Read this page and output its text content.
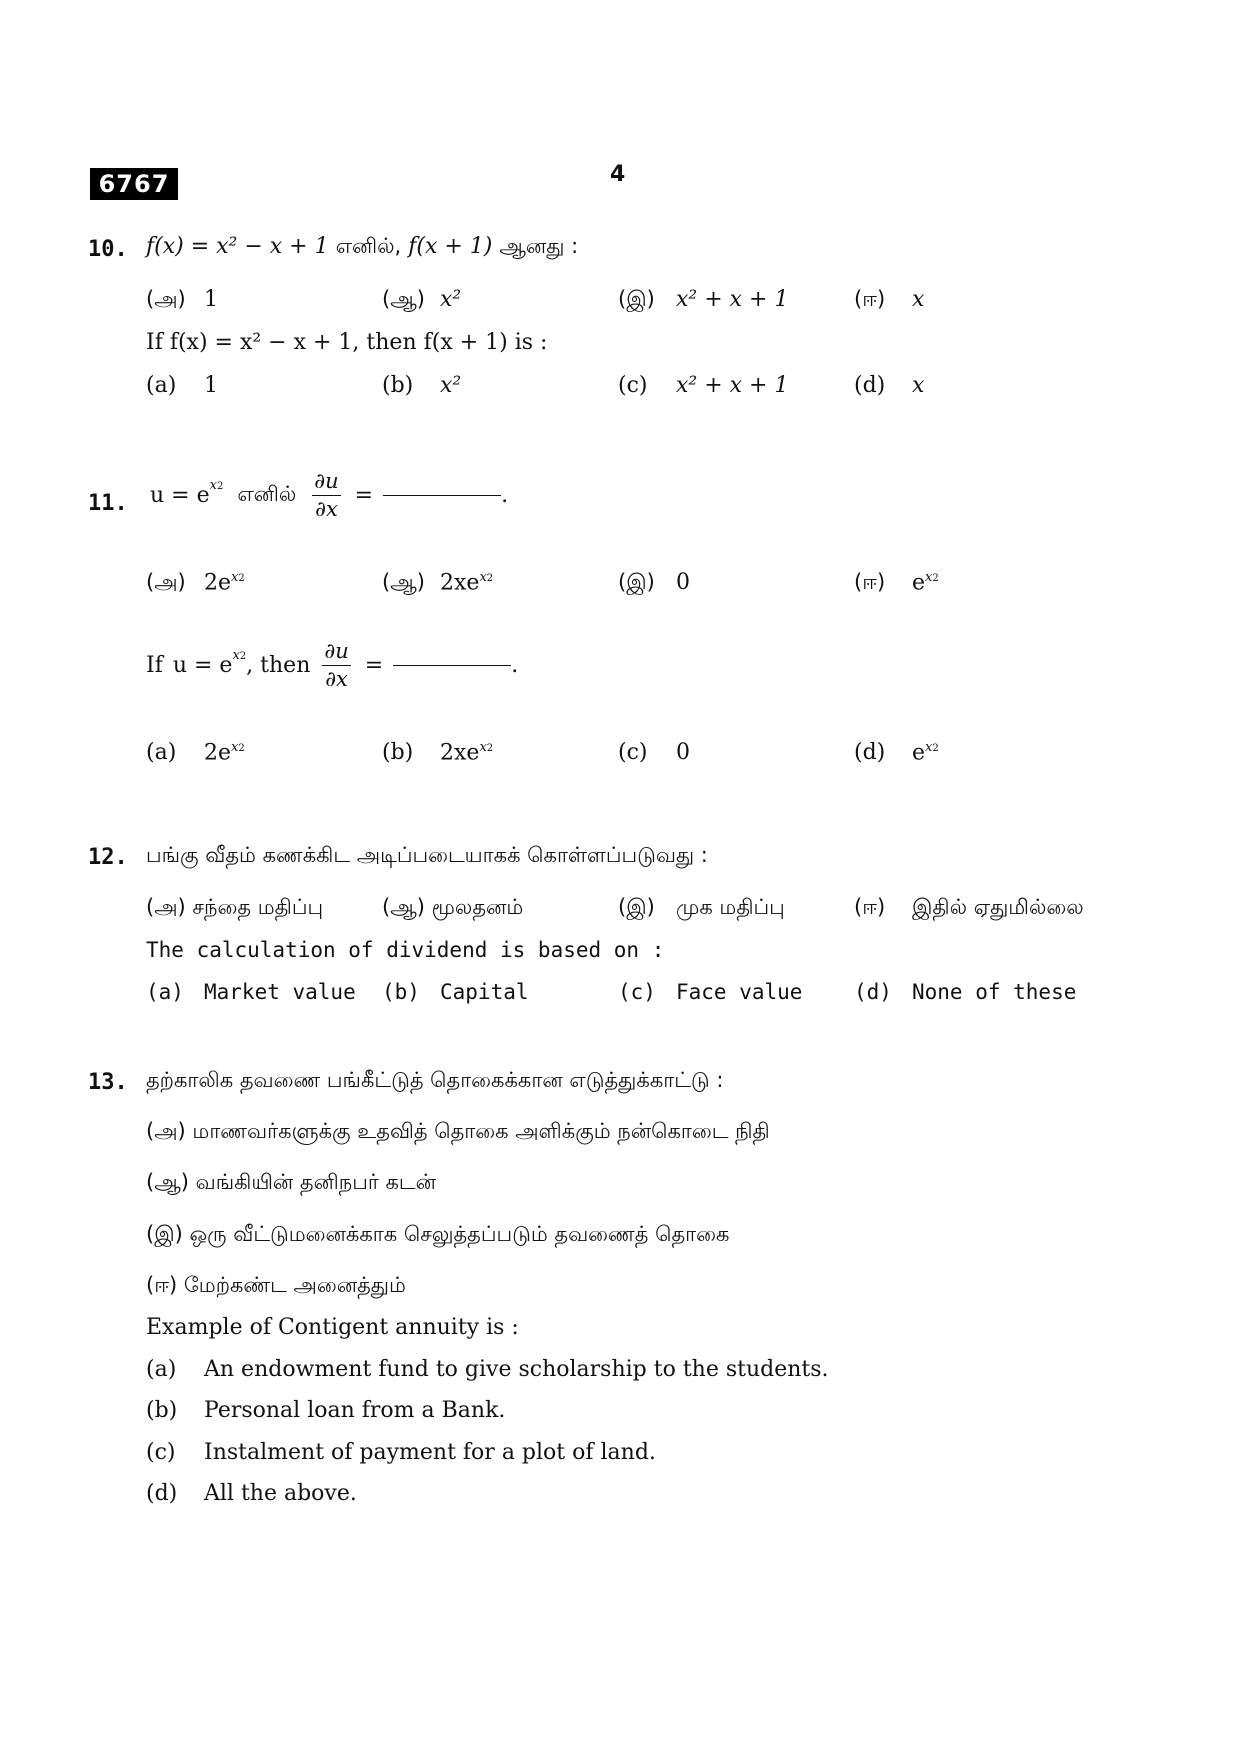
6767	4
10. f(x) = x² − x + 1 எனில், f(x + 1) ஆனது :
(அ) 1	(ஆ) x²	(இ) x² + x + 1	(ஈ) x
If f(x) = x² − x + 1, then f(x + 1) is :
(a) 1	(b) x²	(c) x² + x + 1	(d) x
11. u = e $^{x2}$ எனில் $\frac{\partial u}{\partial x}$ =	.
(அ) $2e^{x2}$	(ஆ) $2xe^{x2}$	(இ) 0	(ஈ) $e^{x2}$
If u = e $^{x2}$ , then $\frac{\partial u}{\partial x}$ =	.
(a) $2e^{x2}$	(b) $2xe^{x2}$	(c) 0	(d) $e^{x2}$
12. பங்கு வீதம் கணக்கிட அடிப்படையாகக் கொள்ளப்படுவது :
(அ) சந்தை மதிப்பு	(ஆ) மூலதனம்	(இ) முக மதிப்பு	(ஈ) இதில் ஏதுமில்லை
The calculation of dividend is based on :
(a) Market value (b) Capital	(c) Face value (d) None of these
13. தற்காலிக தவணை பங்கீட்டுத் தொகைக்கான எடுத்துக்காட்டு :
(அ) மாணவர்களுக்கு உதவித் தொகை அளிக்கும் நன்கொடை நிதி
(ஆ) வங்கியின் தனிநபர் கடன்
(இ) ஒரு வீட்டுமனைக்காக செலுத்தப்படும் தவணைத் தொகை
(ஈ) மேற்கண்ட அனைத்தும்
Example of Contigent annuity is :
(a) An endowment fund to give scholarship to the students.
(b) Personal loan from a Bank.
(c) Instalment of payment for a plot of land.
(d) All the above.
